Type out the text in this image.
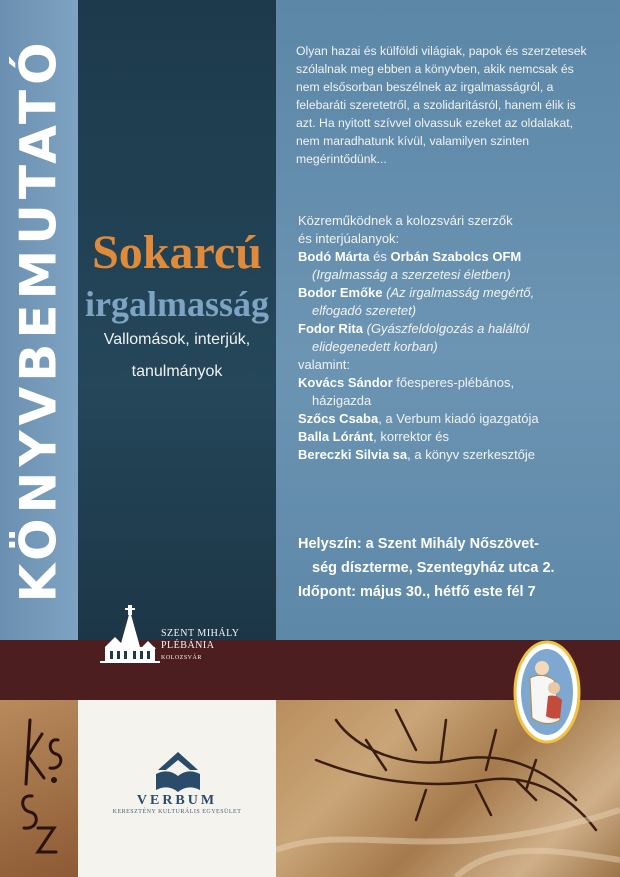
KÖNYVBEMUTATÓ Sokarcú
irgalmasság
Vallomások, interjúk,
tanulmányok
SZENT MIHÁLY
PLÉBÁNIA
KOLOZSVÁR
Olyan hazai és külföldi világiak, papok és szerzetesek szólalnak meg ebben a könyvben, akik nemcsak és nem elsősorban beszélnek az irgalmasságról, a felebaráti szeretetről, a szolidaritásról, hanem élik is azt. Ha nyitott szívvel olvassuk ezeket az oldalakat, nem maradhatunk kívül, valamilyen szinten megérintődünk...
Közreműködnek a kolozsvári szerzők
és interjúalanyok:
Bodó Márta és Orbán Szabolcs OFM
(Irgalmasság a szerzetesi életben)
Bodor Emőke (Az irgalmasság megértő,
elfogadó szeretet)
Fodor Rita (Gyászfeldolgozás a haláltól
elidegenedett korban)
valamint:
Kovács Sándor főesperes-plébános,
házigazda
Szőcs Csaba, a Verbum kiadó igazgatója
Balla Lóránt, korrektor és
Bereczki Silvia sa, a könyv szerkesztője
Helyszín: a Szent Mihály Nőszövet-
ség díszterme, Szentegyház utca 2.
Időpont: május 30., hétfő este fél 7
VERBUM
KERESZTÉNY KULTURÁLIS EGYESÜLET
